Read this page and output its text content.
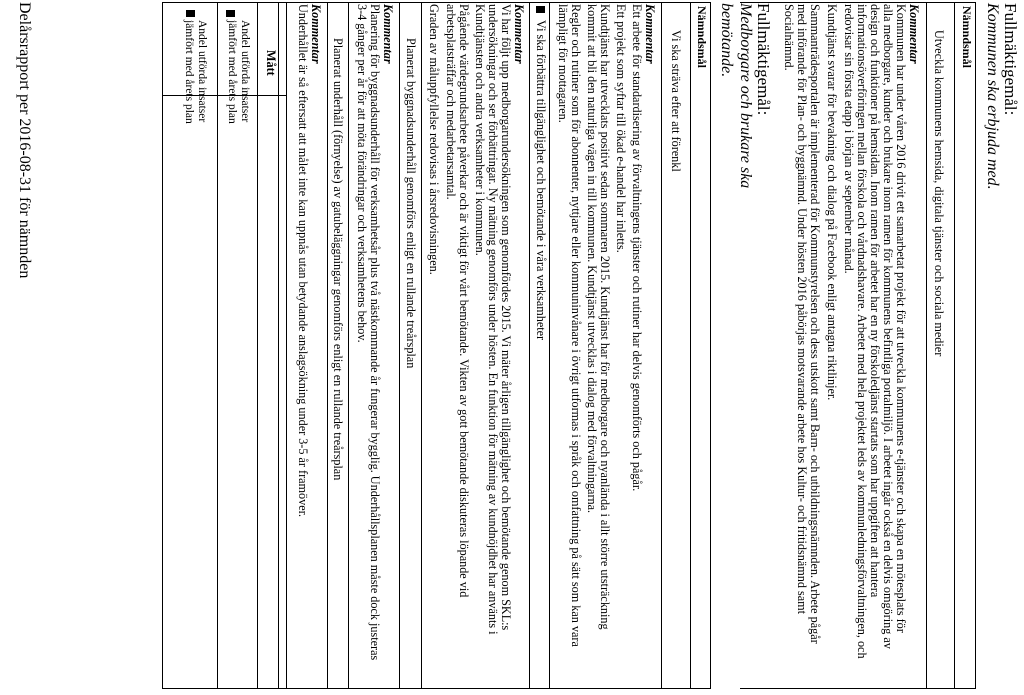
Fullmäktigemål:
Kommunen ska erbjuda med.
Nämndsmål
Utveckla kommunens hemsida, digitala tjänster och sociala medier
Kommentar
Kommunen har under våren 2016 drivit ett samarbetat projekt för att utveckla kommunens e-tjänster och skapa en mötesplats för
alla medborgare, kunder och brukare inom ramen för kommunens befintliga portalmiljö. I arbetet ingår också en delvis omgöring av
design och funktioner på hemsidan. Inom ramen för arbetet har en ny förskoledjänst startats som har uppgiften att hantera
informationsöverföringen mellan förskola och vårdnadshavare. Arbetet med hela projektet leds av kommunledningsförvaltningen, och
redovisar sin första etapp i början av september månad.
Kundtjänst svarar för bevakning och dialog på Facebook enligt antagna riktlinjer.
Sammanträdesportalen är implementerad för Kommunstyrelsen och dess utskott samt Barn- och utbildningsnämnden. Arbete pågår
med införande för Plan- och byggnämnd. Under hösten 2016 påbörjas motsvarande arbete hos Kultur- och fritidsnämnd samt
Socialnämnd.
Fullmäktigemål:
Medborgare och brukare ska
bemötande.
Nämndsmål
Vi ska sträva efter att förenkl
Kommentar
Ett arbete för standardisering av förvaltningens tjänster och rutiner har delvis genomförts och pågår.
Ett projekt som syftar till ökad e-handel har inletts.
Kundtjänst har utvecklats positivt sedan sommaren 2015. Kundtjänst har för medborgare och nyanlända i allt större utsträckning
kommit att bli den naturliga vägen in till kommunen. Kundtjänst utvecklas i dialog med förvaltningarna.
Regler och rutiner som för abonnenter, nyttjare eller kommuninvånare i övrigt utformas i språk och omfattning på sätt som kan vara
lämpligt för mottagaren.
Vi ska förbättra tillgänglighet och bemötande i våra verksamheter
Kommentar
Vi har följt upp medborgarundersökningen som genomfördes 2015. Vi mäter årligen tillgänglighet och bemötande genom SKL:s
undersökningar och ser förbättringar. Ny mätning genomförs under hösten. En funktion för mätning av kundnöjdhet har använts i
Kundtjänsten och andra verksamheter i kommunen.
Pågående värdegrundsarbete påverkar och är viktigt för vårt bemötande. Vikten av gott bemötande diskuteras löpande vid
arbetsplatsträffar och medarbetarsamtal.
Graden av måluppfyllelse redovisas i årsredovisningen.
Planerat byggnadsunderhåll genomförs enligt en rullande treårsplan
Kommentar
Planering för byggnadsunderhåll för verksamhetsår plus två nästkommande år fungerar bygglig. Underhållsplanen måste dock justeras
3-4 gånger per år för att möta förändringar och verksamhetens behov.
Planerat underhåll (förnyelse) av gatubeläggningar genomförs enligt en rullande treårsplan
Kommentar
Underhållet är så eftersatt att målet inte kan uppnås utan betydande anslagsökning under 3-5 år framöver.
Mått
Andel utförda insatser
jämfört med årets plan
Andel utförda insatser
jämfört med årets plan
Delårsrapport per 2016-08-31 för nämnden
